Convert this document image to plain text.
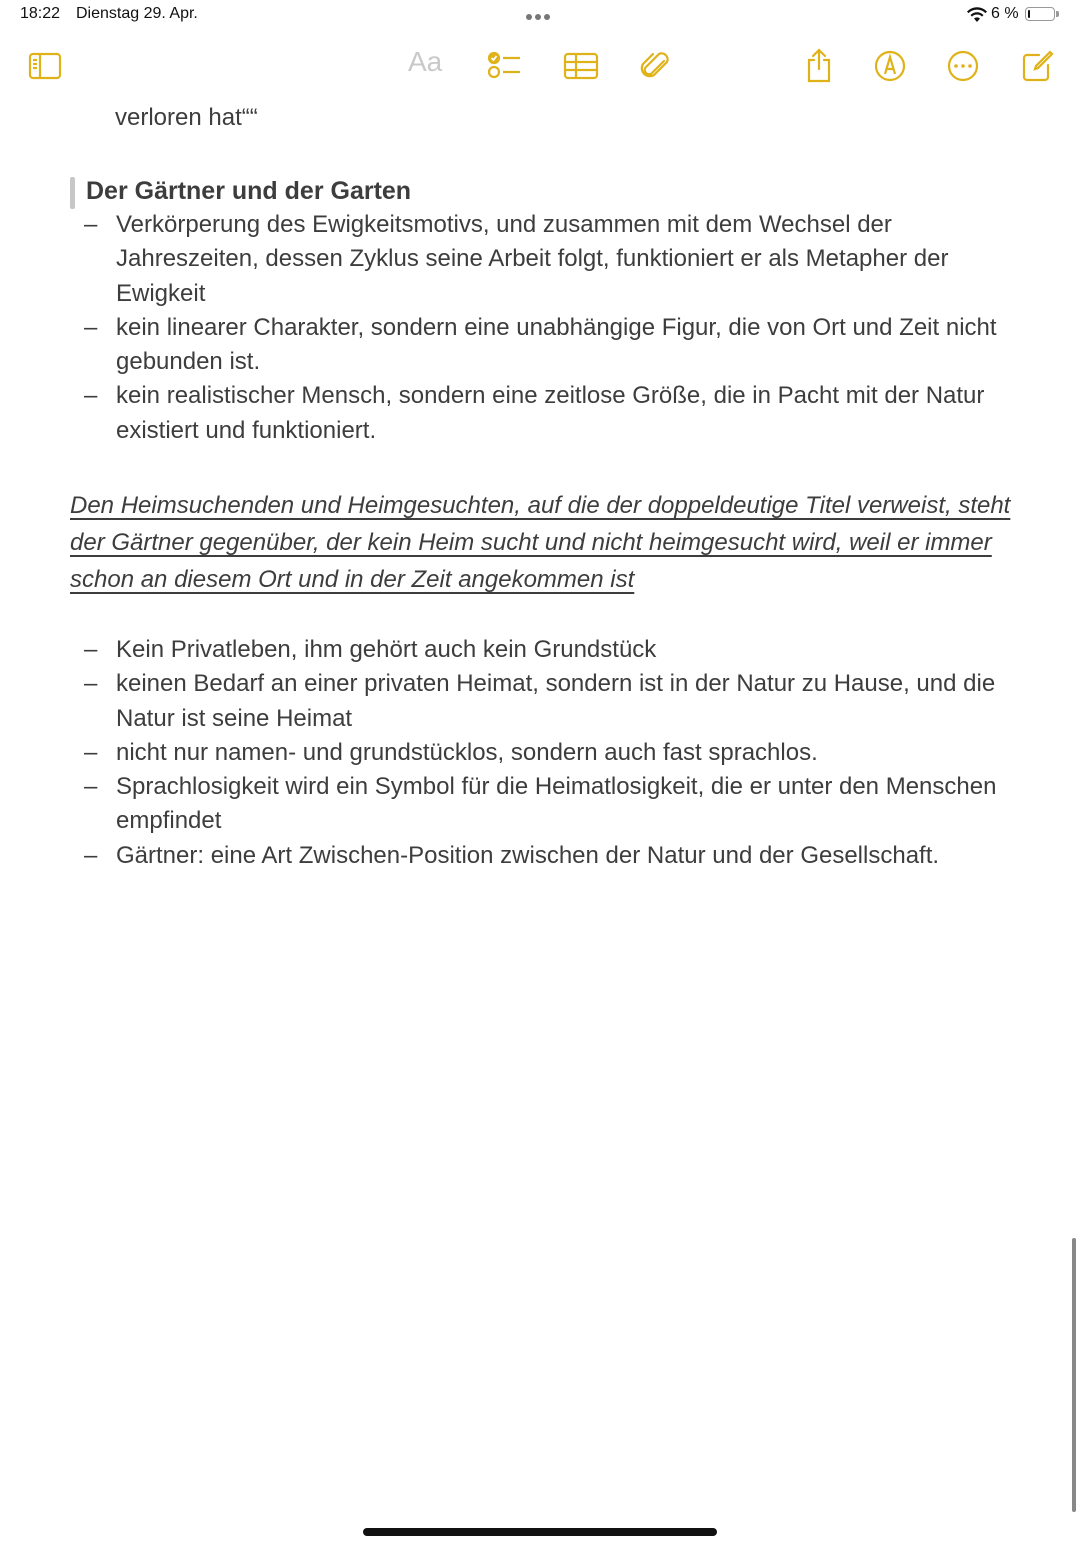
18:22 Dienstag 29. Apr.	6 %
Aa
verloren hat““
Der Gärtner und der Garten
– Verkörperung des Ewigkeitsmotivs, und zusammen mit dem Wechsel der Jahreszeiten, dessen Zyklus seine Arbeit folgt, funktioniert er als Metapher der Ewigkeit
– kein linearer Charakter, sondern eine unabhängige Figur, die von Ort und Zeit nicht gebunden ist.
– kein realistischer Mensch, sondern eine zeitlose Größe, die in Pacht mit der Natur existiert und funktioniert.
Den Heimsuchenden und Heimgesuchten, auf die der doppeldeutige Titel verweist, steht der Gärtner gegenüber, der kein Heim sucht und nicht heimgesucht wird, weil er immer schon an diesem Ort und in der Zeit angekommen ist
– Kein Privatleben, ihm gehört auch kein Grundstück
– keinen Bedarf an einer privaten Heimat, sondern ist in der Natur zu Hause, und die Natur ist seine Heimat
– nicht nur namen- und grundstücklos, sondern auch fast sprachlos.
– Sprachlosigkeit wird ein Symbol für die Heimatlosigkeit, die er unter den Menschen empfindet
– Gärtner: eine Art Zwischen-Position zwischen der Natur und der Gesellschaft.
